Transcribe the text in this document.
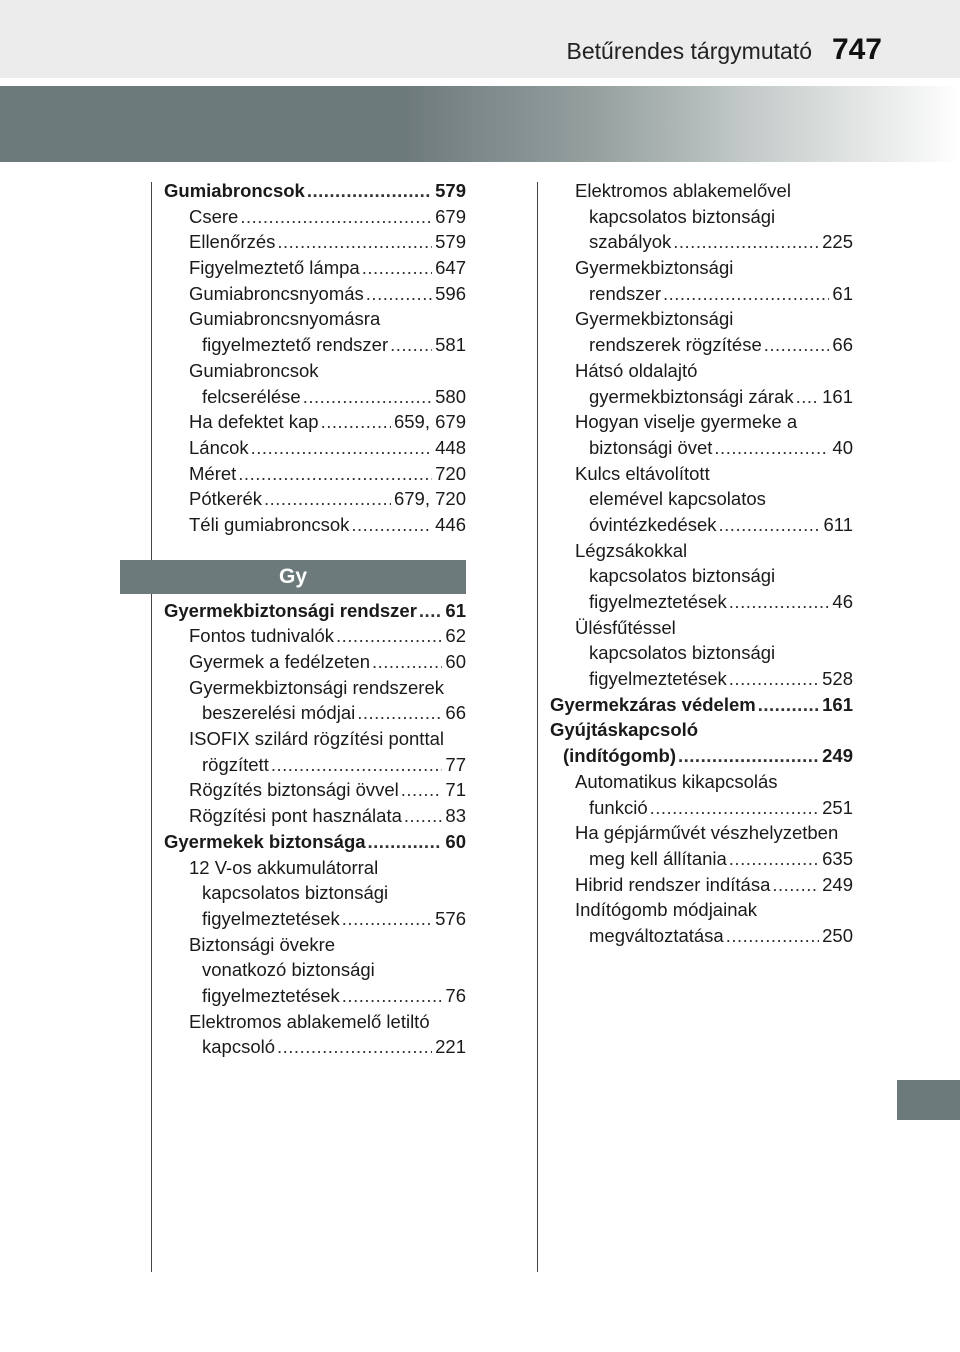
Betűrendes tárgymutató 747
Gumiabroncsok .....	579
Csere .....	679
Ellenőrzés .....	579
Figyelmeztető lámpa .....	647
Gumiabroncsnyomás .....	596
Gumiabroncsnyomásra
figyelmeztető rendszer .....	581
Gumiabroncsok
felcserélése .....	580
Ha defektet kap .....	659, 679
Láncok .....	448
Méret .....	720
Pótkerék .....	679, 720
Téli gumiabroncsok .....	446
Gy
Gyermekbiztonsági rendszer ..... 61
Fontos tudnivalók .....	62
Gyermek a fedélzeten .....	60
Gyermekbiztonsági rendszerek
beszerelési módjai .....	66
ISOFIX szilárd rögzítési ponttal
rögzített .....	77
Rögzítés biztonsági övvel .....	71
Rögzítési pont használata ..... 83
Gyermekek biztonsága .....	60
12 V-os akkumulátorral
kapcsolatos biztonsági
figyelmeztetések .....	576
Biztonsági övekre
vonatkozó biztonsági
figyelmeztetések .....	76
Elektromos ablakemelő letiltó
kapcsoló .....	221
Elektromos ablakemelővel
kapcsolatos biztonsági
szabályok .....	225
Gyermekbiztonsági
rendszer .....	61
Gyermekbiztonsági
rendszerek rögzítése .....	66
Hátsó oldalajtó
gyermekbiztonsági zárak ..... 161
Hogyan viselje gyermeke a
biztonsági övet .....	40
Kulcs eltávolított
elemével kapcsolatos
óvintézkedések .....	611
Légzsákokkal
kapcsolatos biztonsági
figyelmeztetések .....	46
Ülésfűtéssel
kapcsolatos biztonsági
figyelmeztetések .....	528
Gyermekzáras védelem .....	161
Gyújtáskapcsoló
(indítógomb) .....	249
Automatikus kikapcsolás
funkció .....	251
Ha gépjárművét vészhelyzetben
meg kell állítania .....	635
Hibrid rendszer indítása .....	249
Indítógomb módjainak
megváltoztatása .....	250
